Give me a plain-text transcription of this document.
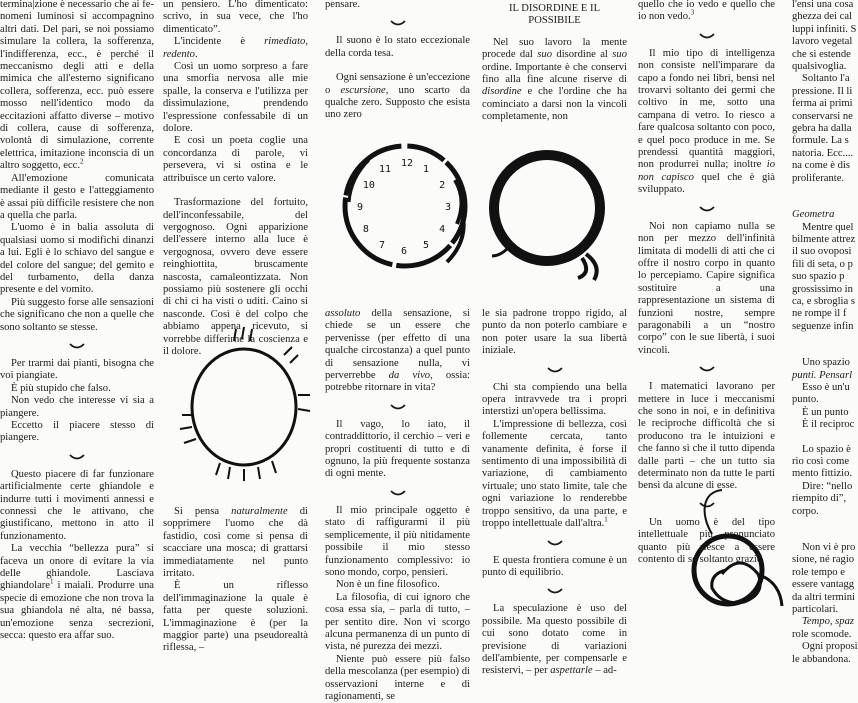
termina|zione è necessario che ai fe- nomeni luminosi si accompagnino altri dati. Del pari, se noi possiamo simulare la collera, la sofferenza, l'indifferenza, ecc., è perché il meccanismo degli atti e della mimica che all'esterno significano collera, sofferenza, ecc. può essere mosso nell'identico modo da eccitazioni affatto diverse – motivo di collera, cause di sofferenza, volontà di simulazione, corrente elettrica, imitazione inconscia di un altro soggetto, ecc.$^2$

All'emozione comunicata mediante il gesto e l'atteggiamento è assai più difficile resistere che non a quella che parla.

L'uomo è in balia assoluta di qualsiasi uomo si modifichi dinanzi a lui. Egli è lo schiavo del sangue e del colore del sangue; del gemito e del turbamento, della danza presente e del vomito.

Più suggesto forse alle sensazioni che significano che non a quelle che sono soltanto se stesse.

Per trarmi dai pianti, bisogna che voi piangiate.

È più stupido che falso.

Non vedo che interesse vi sia a piangere.

Eccetto il piacere stesso di piangere.

Questo piacere di far funzionare artificialmente certe ghiandole e indurre tutti i movimenti annessi e connessi che le attivano, che giustificano, mettono in atto il funzionamento.

La vecchia “bellezza pura” si faceva un onore di evitare la via delle ghiandole. Lasciava ghiandolare$^1$ i maiali. Produrre una specie di emozione che non trova la sua ghiandola né alta, né bassa, un'emozione senza secrezioni, secca: questo era affar suo.

un pensiero. L'ho dimenticato: scrivo, in sua vece, che l'ho dimenticato”.

L'incidente è rimediato, redento.

Così un uomo sorpreso a fare una smorfia nervosa alle mie spalle, la conserva e l'utilizza per dissimulazione, prendendo l'espressione confessabile di un dolore.

E così un poeta coglie una concordanza di parole, vi persevera, vi si ostina e le attribuisce un certo valore.

Trasformazione del fortuito, dell'inconfessabile, del vergognoso. Ogni apparizione dell'essere interno alla luce è vergognosa, ovvero deve essere reinghiottita, bruscamente nascosta, camaleontizzata. Non possiamo più sostenere gli occhi di chi ci ha visti o uditi. Caino si nasconde. Così è del colpo che abbiamo appena ricevuto, si vorrebbe differirne la coscienza e il dolore.

Si pensa naturalmente di sopprimere l'uomo che dà fastidio, così come si pensa di scacciare una mosca; di grattarsi immediatamente nel punto irritato.

È un riflesso dell'immaginazione la quale è fatta per queste soluzioni. L'immaginazione è (per la maggior parte) una pseudorealtà riflessa, –

pensare.

Il suono è lo stato eccezionale della corda tesa.

Ogni sensazione è un'eccezione o escursione, uno scarto da qualche zero. Supposto che esista uno zero

assoluto della sensazione, si chiede se un essere che pervenisse (per effetto di una qualche circostanza) a quel punto di sensazione nulla, vi perverrebbe da vivo, ossia: potrebbe ritornare in vita?

Il vago, lo iato, il contraddittorio, il cerchio – veri e propri costituenti di tutto e di ognuno, la più frequente sostanza di ogni mente.

Il mio principale oggetto è stato di raffigurarmi il più semplicemente, il più nitidamente possibile il mio stesso funzionamento complessivo: io sono mondo, corpo, pensieri.

Non è un fine filosofico.

La filosofia, di cui ignoro che cosa essa sia, – parla di tutto, – per sentito dire. Non vi scorgo alcuna permanenza di un punto di vista, né purezza dei mezzi.

Niente può essere più falso della mescolanza (per esempio) di osservazioni interne e di ragionamenti, se

IL DISORDINE E IL POSSIBILE

Nel suo lavoro la mente procede dal suo disordine al suo ordine. Importante è che conservi fino alla fine alcune riserve di disordine e che l'ordine che ha cominciato a darsi non la vincoli completamente, non

le sia padrone troppo rigido, al punto da non poterlo cambiare e non poter usare la sua libertà iniziale.

Chi sta compiendo una bella opera intravvede tra i propri interstizi un'opera bellissima.

L'impressione di bellezza, così follemente cercata, tanto vanamente definita, è forse il sentimento di una impossibilità di variazione, di cambiamento virtuale; uno stato limite, tale che ogni variazione lo renderebbe troppo sensitivo, da una parte, e troppo intellettuale dall'altra.$^1$

E questa frontiera comune è un punto di equilibrio.

La speculazione è uso del possibile. Ma questo possibile di cui sono dotato come in previsione di variazioni dell'ambiente, per compensarle e resistervi, – per aspettarle – ad-

quello che io vedo e quello che io non vedo.$^3$

Il mio tipo di intelligenza non consiste nell'imparare da capo a fondo nei libri, bensì nel trovarvi soltanto dei germi che coltivo in me, sotto una campana di vetro. Io riesco a fare qualcosa soltanto con poco, e quel poco produce in me. Se prendessi quantità maggiori, non produrrei nulla; inoltre io non capisco quel che è già sviluppato.

Noi non capiamo nulla se non per mezzo dell'infinità limitata di modelli di atti che ci offre il nostro corpo in quanto lo percepiamo. Capire significa sostituire a una rappresentazione un sistema di funzioni nostre, sempre paragonabili a un “nostro corpo” con le sue libertà, i suoi vincoli.

I matematici lavorano per mettere in luce i meccanismi che sono in noi, e in definitiva le reciproche difficoltà che si producono tra le intuizioni e che fanno sì che il tutto dipenda dalle parti – che un tutto sia determinato non da tutte le parti bensì da alcune di esse.

Un uomo è del tipo intellettuale più pronunciato quanto più riesce a essere contento di sé soltanto grazie

l'ensi una cosa
ghezza dei cal
luppi infiniti. S
lavoro vegetal
che si estende
qualsivoglia.
Soltanto l'a
pressione. Il li
ferma ai primi
conservarsi ne
gebra ha dalla
formule. La s
natoria. Ecc....
na come è dis
proliferante.
Geometra
Mentre quel
bilmente attrez
il suo ovoposi
fili di seta, o p
suo spazio p
grossissimo in
ca, e sbroglia s
ne rompe il f
seguenze infin
Uno spazio
punti. Pensarl
Esso è un'u
punto.
È un punto
È il reciproc
Lo spazio è
rio così come
mento fittizio.
Dire: “nello
riempito di”,
corpo.
Non vi è pro
sione, né ragio
role tempo e
essere vantagg
da altri termini
particolari.
Tempo, spaz
role scomode.
Ogni proposi
le abbandona.
11
12
1
2
3
4
5
6
7
8
9
10
